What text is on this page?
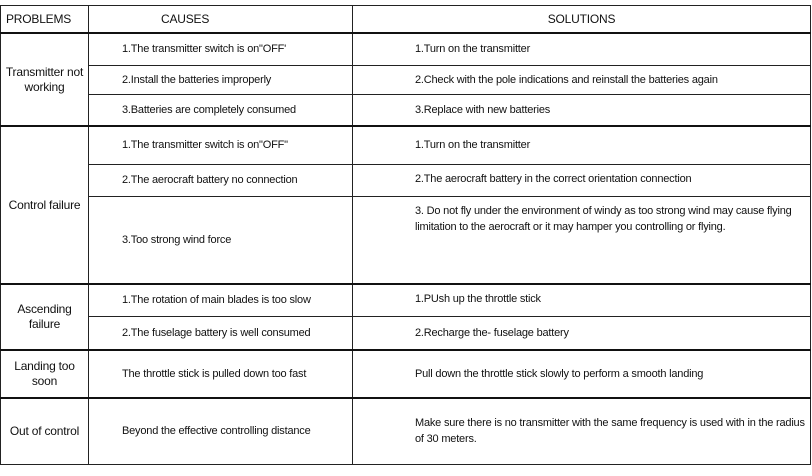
PROBLEMS	CAUSES	SOLUTIONS
Transmitter not working	1.The transmitter switch is on"OFF'	1.Turn on the transmitter
	2.Install the batteries improperly	2.Check with the pole indications and reinstall the batteries again
	3.Batteries are completely consumed	3.Replace with new batteries
Control failure	1.The transmitter switch is on"OFF"	1.Turn on the transmitter
	2.The aerocraft battery no connection	2.The aerocraft battery in the correct orientation connection
	3.Too strong wind force	3. Do not fly under the environment of windy as too strong wind may cause flying limitation to the aerocraft or it may hamper you controlling or flying.
Ascending failure	1.The rotation of main blades is too slow	1.PUsh up the throttle stick
	2.The fuselage battery is well consumed	2.Recharge the- fuselage battery
Landing too soon	The throttle stick is pulled down too fast	Pull down the throttle stick slowly to perform a smooth landing
Out of control	Beyond the effective controlling distance	Make sure there is no transmitter with the same frequency is used with in the radius of 30 meters.
